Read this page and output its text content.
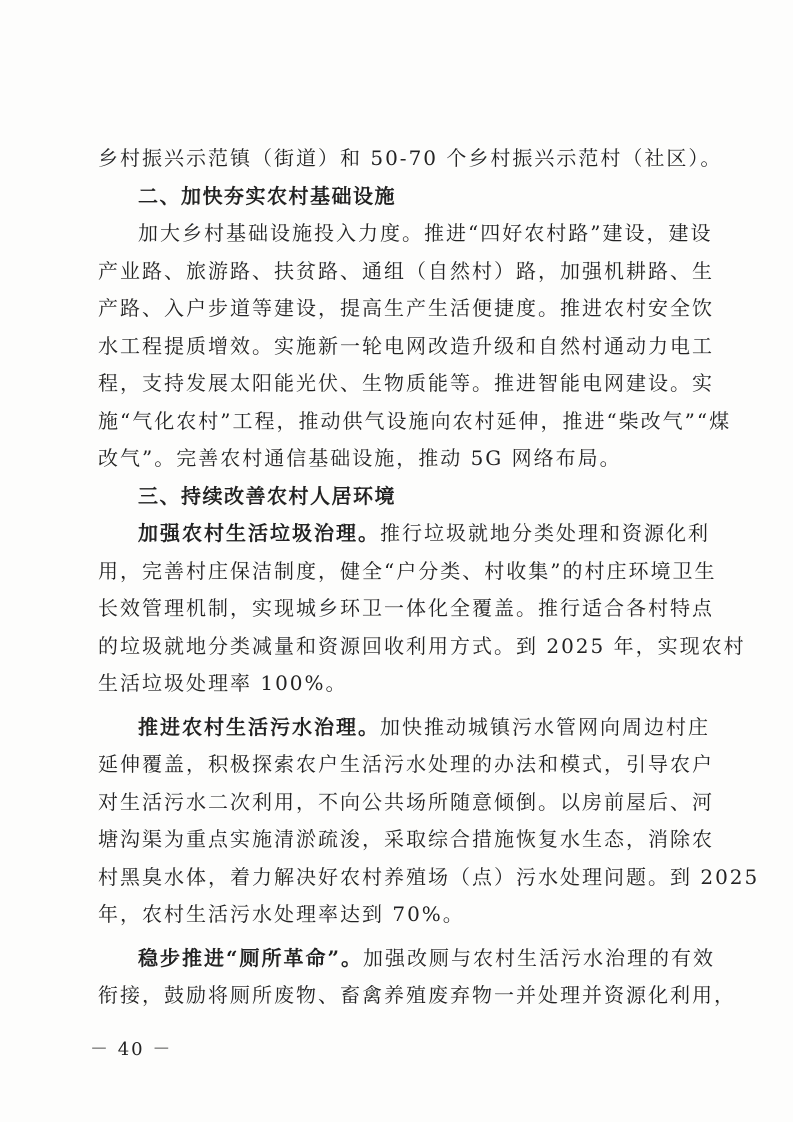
乡村振兴示范镇（街道）和 50-70 个乡村振兴示范村（社区）。
二、加快夯实农村基础设施
加大乡村基础设施投入力度。推进“四好农村路”建设，建设
产业路、旅游路、扶贫路、通组（自然村）路，加强机耕路、生
产路、入户步道等建设，提高生产生活便捷度。推进农村安全饮
水工程提质增效。实施新一轮电网改造升级和自然村通动力电工
程，支持发展太阳能光伏、生物质能等。推进智能电网建设。实
施“气化农村”工程，推动供气设施向农村延伸，推进“柴改气”“煤
改气”。完善农村通信基础设施，推动 5G 网络布局。
三、持续改善农村人居环境
加强农村生活垃圾治理。推行垃圾就地分类处理和资源化利
用，完善村庄保洁制度，健全“户分类、村收集”的村庄环境卫生
长效管理机制，实现城乡环卫一体化全覆盖。推行适合各村特点
的垃圾就地分类减量和资源回收利用方式。到 2025 年，实现农村
生活垃圾处理率 100%。
推进农村生活污水治理。加快推动城镇污水管网向周边村庄
延伸覆盖，积极探索农户生活污水处理的办法和模式，引导农户
对生活污水二次利用，不向公共场所随意倾倒。以房前屋后、河
塘沟渠为重点实施清淤疏浚，采取综合措施恢复水生态，消除农
村黑臭水体，着力解决好农村养殖场（点）污水处理问题。到 2025
年，农村生活污水处理率达到 70%。
稳步推进“厕所革命”。加强改厕与农村生活污水治理的有效
衔接，鼓励将厕所废物、畜禽养殖废弃物一并处理并资源化利用，
－ 40 －
